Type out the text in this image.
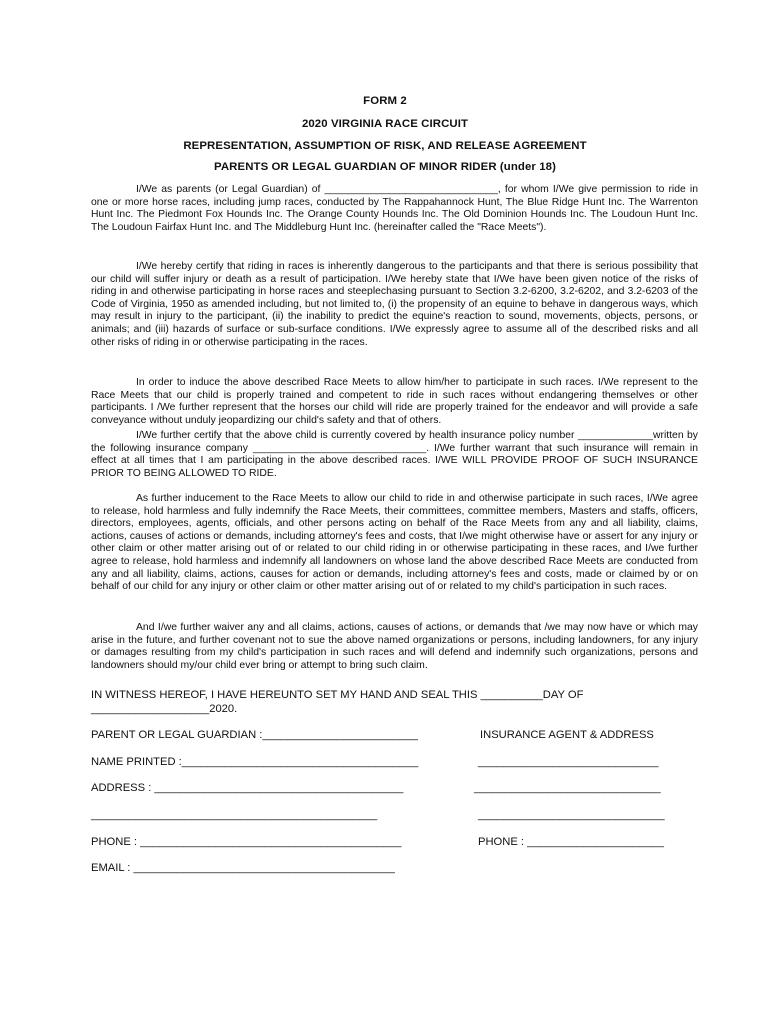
FORM 2
2020 VIRGINIA RACE CIRCUIT
REPRESENTATION, ASSUMPTION OF RISK, AND RELEASE AGREEMENT
PARENTS OR LEGAL GUARDIAN OF MINOR RIDER (under 18)

I/We as parents (or Legal Guardian) of ______________________________, for whom I/We give permission to ride in one or more horse races, including jump races, conducted by The Rappahannock Hunt, The Blue Ridge Hunt Inc. The Warrenton Hunt Inc. The Piedmont Fox Hounds Inc. The Orange County Hounds Inc. The Old Dominion Hounds Inc. The Loudoun Hunt Inc. The Loudoun Fairfax Hunt Inc. and The Middleburg Hunt Inc. (hereinafter called the "Race Meets").

I/We hereby certify that riding in races is inherently dangerous to the participants and that there is serious possibility that our child will suffer injury or death as a result of participation. I/We hereby state that I/We have been given notice of the risks of riding in and otherwise participating in horse races and steeplechasing pursuant to Section 3.2-6200, 3.2-6202, and 3.2-6203 of the Code of Virginia, 1950 as amended including, but not limited to, (i) the propensity of an equine to behave in dangerous ways, which may result in injury to the participant, (ii) the inability to predict the equine's reaction to sound, movements, objects, persons, or animals; and (iii) hazards of surface or sub-surface conditions. I/We expressly agree to assume all of the described risks and all other risks of riding in or otherwise participating in the races.

In order to induce the above described Race Meets to allow him/her to participate in such races. I/We represent to the Race Meets that our child is properly trained and competent to ride in such races without endangering themselves or other participants. I /We further represent that the horses our child will ride are properly trained for the endeavor and will provide a safe conveyance without unduly jeopardizing our child's safety and that of others.

I/We further certify that the above child is currently covered by health insurance policy number _____________written by the following insurance company ______________________________. I/We further warrant that such insurance will remain in effect at all times that I am participating in the above described races. I/WE WILL PROVIDE PROOF OF SUCH INSURANCE PRIOR TO BEING ALLOWED TO RIDE.

As further inducement to the Race Meets to allow our child to ride in and otherwise participate in such races, I/We agree to release, hold harmless and fully indemnify the Race Meets, their committees, committee members, Masters and staffs, officers, directors, employees, agents, officials, and other persons acting on behalf of the Race Meets from any and all liability, claims, actions, causes of actions or demands, including attorney's fees and costs, that I/we might otherwise have or assert for any injury or other claim or other matter arising out of or related to our child riding in or otherwise participating in these races, and I/we further agree to release, hold harmless and indemnify all landowners on whose land the above described Race Meets are conducted from any and all liability, claims, actions, causes for action or demands, including attorney's fees and costs, made or claimed by or on behalf of our child for any injury or other claim or other matter arising out of or related to my child's participation in such races.

And I/we further waiver any and all claims, actions, causes of actions, or demands that /we may now have or which may arise in the future, and further covenant not to sue the above named organizations or persons, including landowners, for any injury or damages resulting from my child's participation in such races and will defend and indemnify such organizations, persons and landowners should my/our child ever bring or attempt to bring such claim.

IN WITNESS HEREOF, I HAVE HEREUNTO SET MY HAND AND SEAL THIS __________DAY OF
___________________2020.
PARENT OR LEGAL GUARDIAN :_________________________	INSURANCE AGENT & ADDRESS
NAME PRINTED :______________________________________	_____________________________
ADDRESS : ________________________________________	______________________________
______________________________________________	______________________________
PHONE : __________________________________________	PHONE : ______________________
EMAIL : __________________________________________
